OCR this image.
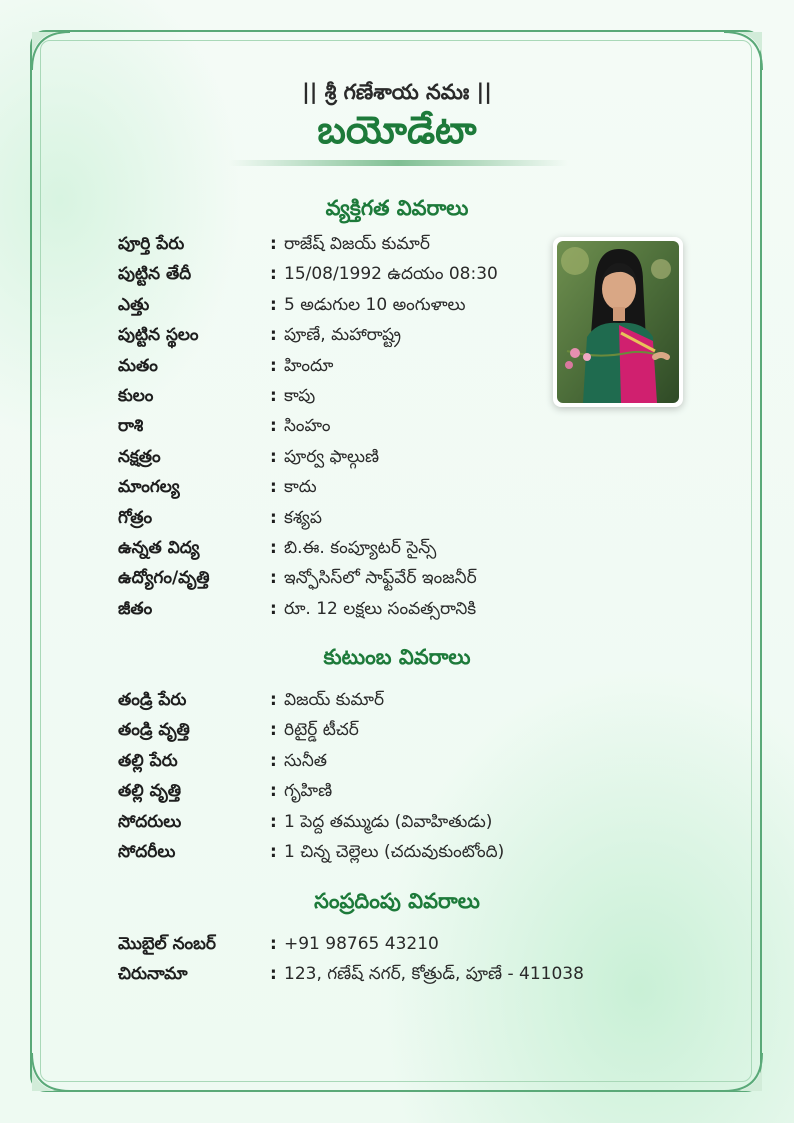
|| శ్రీ గణేశాయ నమః ||
బయోడేటా
వ్యక్తిగత వివరాలు
పూర్తి పేరు	: రాజేష్ విజయ్ కుమార్
పుట్టిన తేదీ	: 15/08/1992 ఉదయం 08:30
ఎత్తు	: 5 అడుగుల 10 అంగుళాలు
పుట్టిన స్థలం	: పూణే, మహారాష్ట్ర
మతం	: హిందూ
కులం	: కాపు
రాశి	: సింహం
నక్షత్రం	: పూర్వ ఫాల్గుణి
మాంగల్య	: కాదు
గోత్రం	: కశ్యప
ఉన్నత విద్య	: బి.ఈ. కంప్యూటర్ సైన్స్
ఉద్యోగం/వృత్తి	: ఇన్ఫోసిస్‌లో సాఫ్ట్‌వేర్ ఇంజనీర్
జీతం	: రూ. 12 లక్షలు సంవత్సరానికి
కుటుంబ వివరాలు
తండ్రి పేరు	: విజయ్ కుమార్
తండ్రి వృత్తి	: రిటైర్డ్ టీచర్
తల్లి పేరు	: సునీత
తల్లి వృత్తి	: గృహిణి
సోదరులు	: 1 పెద్ద తమ్ముడు (వివాహితుడు)
సోదరీలు	: 1 చిన్న చెల్లెలు (చదువుకుంటోంది)
సంప్రదింపు వివరాలు
మొబైల్ నంబర్	: +91 98765 43210
చిరునామా	: 123, గణేష్ నగర్, కోత్రుడ్, పూణే - 411038
